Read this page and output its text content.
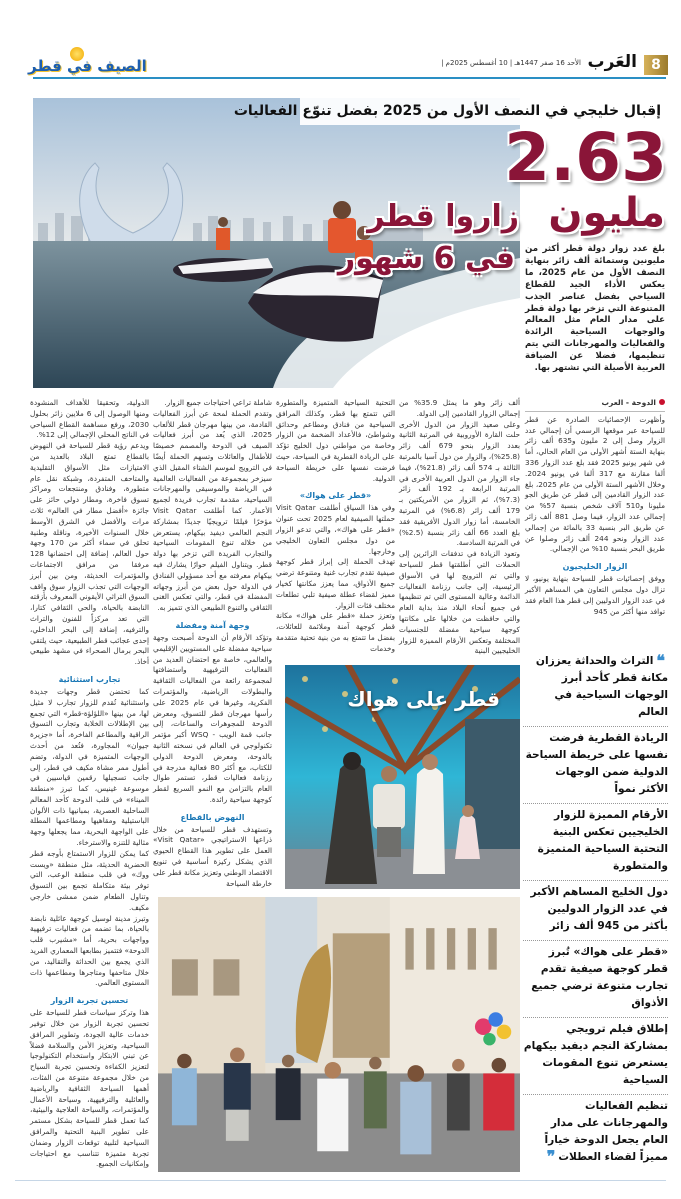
8
العَرب
الأحد 16 صفر 1447هـ | 10 أغسطس 2025م |
الصيف في قطر
إقبال خليجي في النصف الأول من 2025 بفضل تنوّع الفعاليات
2.63
مليون
زاروا قطر
في 6 شهور بلغ عدد زوار دولة قطر أكثر من مليونين وستمائة ألف زائر بنهاية النصف الأول من عام 2025، ما يعكس الأداء الجيد للقطاع السياحي بفضل عناصر الجذب المتنوعة التي تزخر بها دولة قطر على مدار العام مثل المعالم والوجهات السياحية الرائدة والفعاليات والمهرجانات التي يتم تنظيمها، فضلا عن الضيافة العربية الأصيلة التي تشتهر بها.
الدوحة - العرب

وأظهرت الإحصائيات الصادرة عن قطر للسياحة عبر موقعها الرسمي أن إجمالي عدد الزوار وصل إلى 2 مليون و635 ألف زائر بنهاية الستة أشهر الأولى من العام الحالي، أما في شهر يونيو 2025 فقد بلغ عدد الزوار 336 ألفا مقارنة مع 317 ألفا في يونيو 2024. وخلال الأشهر الستة الأولى من عام 2025، بلغ عدد الزوار القادمين إلى قطر عن طريق الجو مليونا و510 آلاف شخص بنسبة 57% من إجمالي عدد الزوار، فيما وصل 881 ألف زائر عن طريق البر بنسبة 33 بالمائة من إجمالي عدد الزوار ونحو 244 ألف زائر وصلوا عن طريق البحر بنسبة 10% من الإجمالي.

الزوار الخليجيون

ووفق إحصائيات قطر للسياحة بنهاية يونيو، لا تزال دول مجلس التعاون هي المساهم الأكبر في عدد الزوار الدوليين إلى قطر هذا العام فقد توافد منها أكثر من 945

ألف زائر وهو ما يمثل 35.9% من إجمالي الزوار القادمين إلى الدولة.

وعلى صعيد الزوار من الدول الأخرى حلت القارة الأوروبية في المرتبة الثانية بعدد الزوار بنحو 679 ألف زائر (25.8%)، والزوار من دول آسيا بالمرتبة الثالثة بـ 574 ألف زائر (21.8%)، فيما جاء الزوار من الدول العربية الأخرى في المرتبة الرابعة بـ 192 ألف زائر (7.3%)، ثم الزوار من الأمريكتين بـ 179 ألف زائر (6.8%) في المرتبة الخامسة، أما زوار الدول الأفريقية فقد بلغ العدد 66 ألف زائر بنسبة (2.5%) في المرتبة السادسة.

وتعود الزيادة في تدفقات الزائرين إلى الحملات التي أطلقتها قطر للسياحة والتي تم الترويج لها في الأسواق الرئيسية، إلى جانب رزنامة الفعاليات الدائمة وعالية المستوى التي تم تنظيمها في جميع أنحاء البلاد منذ بداية العام والتي حافظت من خلالها على مكانتها كوجهة سياحية مفضلة للجنسيات المختلفة وتعكس الأرقام المميزة للزوار الخليجيين البنية

التحتية السياحية المتميزة والمتطورة التي تتمتع بها قطر، وكذلك المرافق السياحية من فنادق ومطاعم وحدائق وشواطئ، فالأعداد الضخمة من الزوار وخاصة من مواطني دول الخليج تؤكد على الريادة القطرية في السياحة، حيث فرضت نفسها على خريطة السياحة الدولية.

«قطر على هواك»

وفي هذا السياق أطلقت Visit Qatar حملتها الصيفية لعام 2025 تحت عنوان «قطر على هواك»، والتي تدعو الزوار من دول مجلس التعاون الخليجي وخارجها.

تهدف الحملة إلى إبراز قطر كوجهة صيفية تقدم تجارب غنية ومتنوعة ترضي جميع الأذواق، مما يعزز مكانتها كخيار مميز لقضاء عطلة صيفية تلبي تطلعات مختلف فئات الزوار.

وتعزز حملة «قطر على هواك» مكانة قطر كوجهة آمنة وملائمة للعائلات، بفضل ما تتمتع به من بنية تحتية متقدمة وخدمات

شاملة تراعي احتياجات جميع الزوار.

وتقدم الحملة لمحة عن أبرز الفعاليات القادمة، من بينها مهرجان قطر للألعاب 2025، الذي يُعد من أبرز فعاليات الصيف في الدوحة والمصمم خصيصًا للأطفال والعائلات وتسهم الحملة أيضًا في الترويج لموسم الشتاء المقبل الذي سيزخر بمجموعة من الفعاليات العالمية في الرياضة والموسيقى والمهرجانات السياحية، مقدمة تجارب فريدة لجميع الأعمار. كما أطلقت Visit Qatar مؤخرًا فيلمًا ترويجيًا جديدًا بمشاركة النجم العالمي ديفيد بيكهام، يستعرض من خلاله تنوع المقومات السياحية والتجارب الفريدة التي تزخر بها دولة قطر. ويتناول الفيلم حوارًا يشارك فيه بيكهام معرفته مع أحد مسؤولي الفنادق في الدولة حول بعض من أبرز وجهاته المفضلة في قطر، والتي تعكس الغنى الثقافي والتنوع الطبيعي الذي تتميز به.

وجهة آمنة ومفضلة

وتؤكد الأرقام أن الدوحة أصبحت وجهة سياحية مفضلة على المستويين الإقليمي والعالمي، خاصة مع احتضان العديد من الفعاليات الترفيهية واستضافتها لمجموعة رائعة من الفعاليات الثقافية والبطولات الرياضية، والمؤتمرات الفكرية، وغيرها في عام 2025 على رأسها مهرجان قطر للتسوق، ومعرض الدوحة للمجوهرات والساعات، إلى جانب قمة الويب - WSQ أكبر مؤتمر تكنولوجي في العالم في نسخته الثانية بالدوحة، ومعرض الدوحة الدولي للكتاب، مع أكثر 80 فعالية مدرجة في رزنامة فعاليات قطر، تستمر طوال العام بالتزامن مع النمو السريع لقطر كوجهة سياحية رائدة.

النهوض بالقطاع

وتستهدف قطر للسياحة من خلال ذراعها الاستراتيجي «Visit Qatar» العمل على تطوير هذا القطاع الحيوي الذي يشكل ركيزة أساسية في تنويع الاقتصاد الوطني وتعزيز مكانة قطر على خارطة السياحة

الدولية، وتحقيقا للأهداف المنشودة ومنها الوصول إلى 6 ملايين زائر بحلول 2030، ورفع مساهمة القطاع السياحي في الناتج المحلي الإجمالي إلى 12%.

ويدعم رؤية قطر للسياحة في النهوض بالقطاع تمتع البلاد بالعديد من الامتيازات مثل الأسواق التقليدية والمتاحف المتفردة، وشبكة نقل عام متطورة، وفنادق ومنتجعات ومراكز تسوق فاخرة، ومطار دولي حائز على جائزة «أفضل مطار في العالم» ثلاث مرات والأفضل في الشرق الأوسط خلال السنوات الأخيرة، وناقلة وطنية تحلق في سماء أكثر من 170 وجهة حول العالم، إضافة إلى احتضانها 128 مرفقا من مرافق الاجتماعات والمؤتمرات الحديثة، ومن بين أبرز الوجهات التي تجذب الزوار سوق واقف السوق التراثي الأيقوني المعروف بأزقته النابضة بالحياة، والحي الثقافي كتارا، التي تعد مركزاً للفنون والتراث والترفيه، إضافة إلى البحر الداخلي، إحدى عجائب قطر الطبيعية، حيث يلتقي البحر برمال الصحراء في مشهد طبيعي أخاذ.

تجارب استثنائية

كما تحتضن قطر وجهات جديدة واستثنائية تُقدم للزوار تجارب لا مثيل لها، من بينها «اللؤلؤة-قطر» التي تجمع بين الإطلالات الخلابة وتجارب التسوق الراقية والمطاعم الفاخرة، أما «جزيرة جيوان» المجاورة، فتُعد من أحدث الوجهات المتميزة في الدولة، وتضم أطول ممر مشاة مكيف في قطر، إلى جانب تسجيلها رقمين قياسيين في موسوعة غينيس، كما تبرز «منطقة الميناء» في قلب الدوحة كأحد المعالم الساحلية العصرية، بمبانيها ذات الألوان الباستيلية ومقاهيها ومطاعمها المطلة على الواجهة البحرية، مما يجعلها وجهة مثالية للتنزه والاسترخاء.

كما يمكن للزوار الاستمتاع بأوجه قطر الحضرية الحديثة، مثل منطقة «ويست ووك» في قلب منطقة الوعب، التي توفر بيئة متكاملة تجمع بين التسوق وتناول الطعام ضمن ممشى خارجي مكيف.

وتبرز مدينة لوسيل كوجهة عائلية نابضة بالحياة، بما تضمه من فعاليات ترفيهية وواجهات بحرية، أما «مشيرب قلب الدوحة» فتتميز بطابعها المعماري الفريد الذي يجمع بين الحداثة والتقاليد، من خلال متاحفها ومتاجرها ومطاعمها ذات المستوى العالمي.

تحسين تجربة الزوار

هذا وتركز سياسات قطر للسياحة على تحسين تجربة الزوار من خلال توفير خدمات عالية الجودة، وتطوير المرافق السياحية، وتعزيز الأمن والسلامة فضلاً عن تبني الابتكار واستخدام التكنولوجيا لتعزيز الكفاءة وتحسين تجربة السياح من خلال مجموعة متنوعة من الفئات، أهمها السياحة الثقافية والرياضية والعائلية والترفيهية، وسياحة الأعمال والمؤتمرات، والسياحة العلاجية والبيئية، كما تعمل قطر للسياحة بشكل مستمر على تطوير البنية التحتية والمرافق السياحية لتلبية توقعات الزوار وضمان تجربة متميزة تتناسب مع احتياجات وإمكانيات الجميع.

قطر على هواك
❝التراث والحداثة يعززان مكانة قطر كأحد أبرز الوجهات السياحية في العالم
الريادة القطرية فرضت نفسها على خريطة السياحة الدولية ضمن الوجهات الأكثر نمواً
الأرقام المميزة للزوار الخليجيين تعكس البنية التحتية السياحية المتميزة والمتطورة
دول الخليج المساهم الأكبر في عدد الزوار الدوليين بأكثر من 945 ألف زائر
«قطر على هواك» تُبرز قطر كوجهة صيفية تقدم تجارب متنوعة ترضي جميع الأذواق
إطلاق فيلم ترويجي بمشاركة النجم ديفيد بيكهام يستعرض تنوع المقومات السياحية
تنظيم الفعاليات والمهرجانات على مدار العام يجعل الدوحة خياراً مميزاً لقضاء العطلات❞
